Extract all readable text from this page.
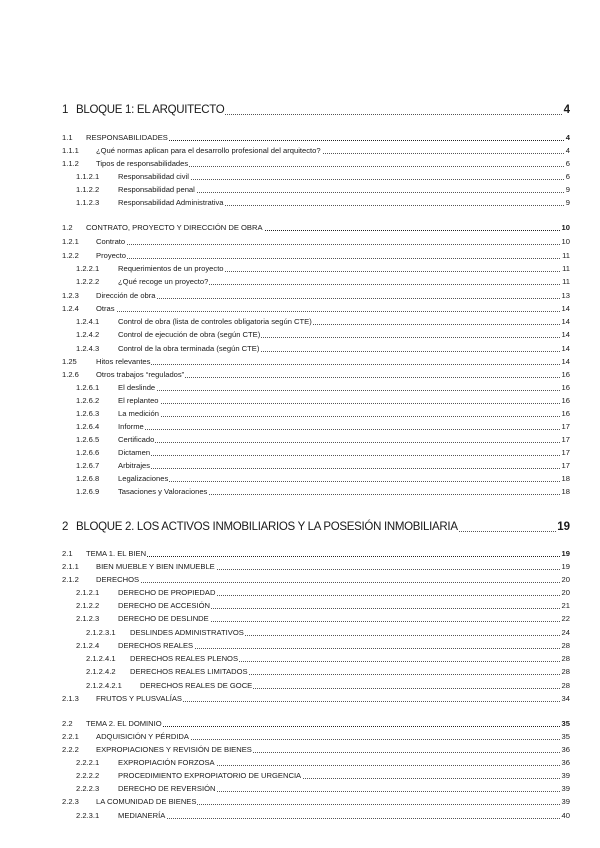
1 BLOQUE 1: EL ARQUITECTO	4
1.1 RESPONSABILIDADES	4
1.1.1 ¿Qué normas aplican para el desarrollo profesional del arquitecto?	4
1.1.2 Tipos de responsabilidades	6
1.1.2.1 Responsabilidad civil	6
1.1.2.2 Responsabilidad penal	9
1.1.2.3 Responsabilidad Administrativa	9
1.2 CONTRATO, PROYECTO Y DIRECCIÓN DE OBRA	10
1.2.1 Contrato	10
1.2.2 Proyecto	11
1.2.2.1 Requerimientos de un proyecto	11
1.2.2.2 ¿Qué recoge un proyecto?	11
1.2.3 Dirección de obra	13
1.2.4 Otras	14
1.2.4.1 Control de obra (lista de controles obligatoria según CTE)	14
1.2.4.2 Control de ejecución de obra (según CTE)	14
1.2.4.3 Control de la obra terminada (según CTE)	14
1.25	Hitos relevantes	14
1.2.6 Otros trabajos “regulados”	16
1.2.6.1 El deslinde	16
1.2.6.2 El replanteo	16
1.2.6.3 La medición	16
1.2.6.4 Informe	17
1.2.6.5 Certificado	17
1.2.6.6 Dictamen	17
1.2.6.7 Arbitrajes	17
1.2.6.8 Legalizaciones	18
1.2.6.9 Tasaciones y Valoraciones	18
2 BLOQUE 2. LOS ACTIVOS INMOBILIARIOS Y LA POSESIÓN INMOBILIARIA	19
2.1 TEMA 1. EL BIEN	19
2.1.1 BIEN MUEBLE Y BIEN INMUEBLE	19
2.1.2 DERECHOS	20
2.1.2.1 DERECHO DE PROPIEDAD	20
2.1.2.2 DERECHO DE ACCESIÓN	21
2.1.2.3 DERECHO DE DESLINDE	22
2.1.2.3.1 DESLINDES ADMINISTRATIVOS	24
2.1.2.4 DERECHOS REALES	28
2.1.2.4.1 DERECHOS REALES PLENOS	28
2.1.2.4.2 DERECHOS REALES LIMITADOS	28
2.1.2.4.2.1 DERECHOS REALES DE GOCE	28
2.1.3 FRUTOS Y PLUSVALÍAS	34
2.2 TEMA 2. EL DOMINIO	35
2.2.1 ADQUISICIÓN Y PÉRDIDA	35
2.2.2 EXPROPIACIONES Y REVISIÓN DE BIENES	36
2.2.2.1 EXPROPIACIÓN FORZOSA	36
2.2.2.2 PROCEDIMIENTO EXPROPIATORIO DE URGENCIA	39
2.2.2.3 DERECHO DE REVERSIÓN	39
2.2.3 LA COMUNIDAD DE BIENES	39
2.2.3.1 MEDIANERÍA	40
